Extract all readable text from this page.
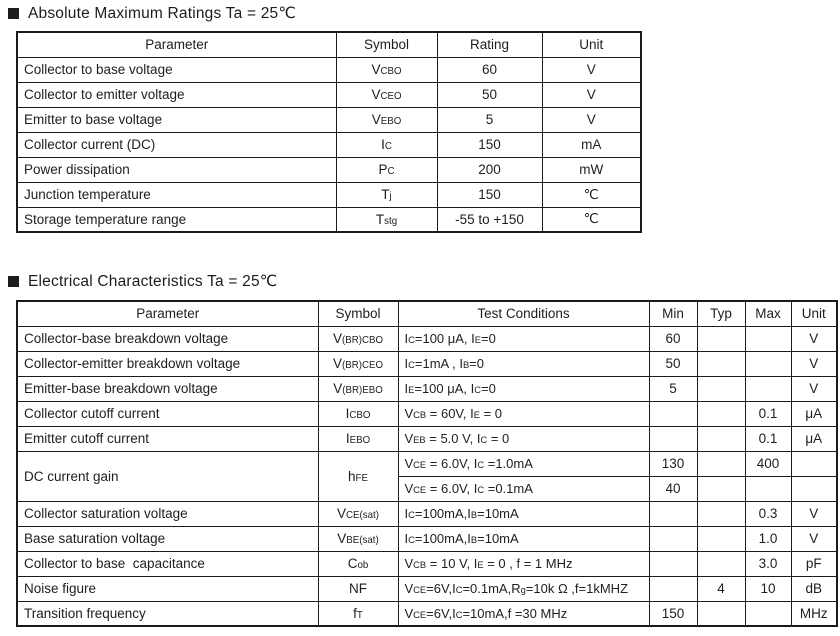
Absolute Maximum Ratings Ta = 25℃
Parameter	Symbol	Rating	Unit
Collector to base voltage	VCBO	60	V
Collector to emitter voltage	VCEO	50	V
Emitter to base voltage	VEBO	5	V
Collector current (DC)	IC	150	mA
Power dissipation	PC	200	mW
Junction temperature	Tj	150	℃
Storage temperature range	Tstg	-55 to +150	℃
Electrical Characteristics Ta = 25℃
Parameter	Symbol	Test Conditions	Min	Typ	Max	Unit
Collector-base breakdown voltage	V(BR)CBO	IC=100 μA, IE=0	60			V
Collector-emitter breakdown voltage	V(BR)CEO	IC=1mA , IB=0	50			V
Emitter-base breakdown voltage	V(BR)EBO	IE=100 μA, IC=0	5			V
Collector cutoff current	ICBO	VCB = 60V, IE = 0			0.1	μA
Emitter cutoff current	IEBO	VEB = 5.0 V, IC = 0			0.1	μA
DC current gain	hFE	VCE = 6.0V, IC =1.0mA	130		400	
		VCE = 6.0V, IC =0.1mA	40			
Collector saturation voltage	VCE(sat)	IC=100mA,IB=10mA			0.3	V
Base saturation voltage	VBE(sat)	IC=100mA,IB=10mA			1.0	V
Collector to base  capacitance	Cob	VCB = 10 V, IE = 0 , f = 1 MHz			3.0	pF
Noise figure	NF	VCE=6V,IC=0.1mA,Rg=10k Ω ,f=1kMHZ		4	10	dB
Transition frequency	fT	VCE=6V,IC=10mA,f =30 MHz	150			MHz
